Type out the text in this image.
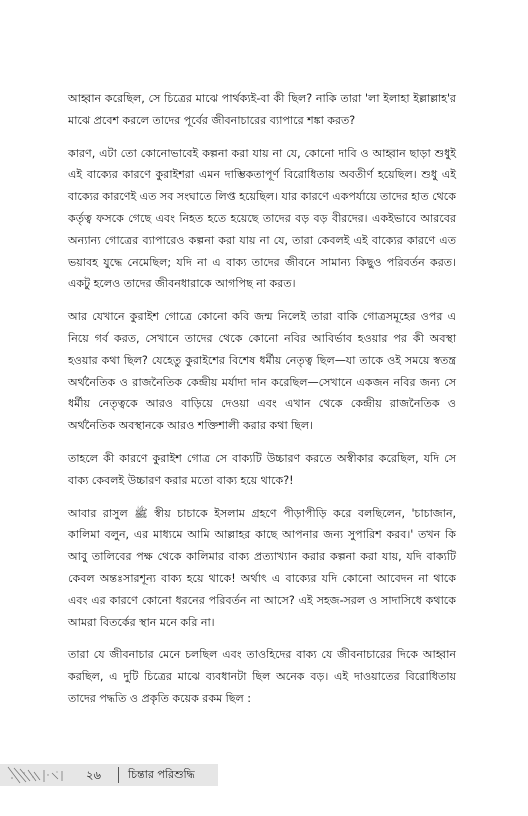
আহ্বান করেছিল, সে চিত্রের মাঝে পার্থক্যই-বা কী ছিল? নাকি তারা 'লা ইলাহা ইল্লাল্লাহ'র মাঝে প্রবেশ করলে তাদের পূর্বের জীবনাচারের ব্যাপারে শঙ্কা করত?

কারণ, এটা তো কোনোভাবেই কল্পনা করা যায় না যে, কোনো দাবি ও আহ্বান ছাড়া শুধুই এই বাক্যের কারণে কুরাইশরা এমন দাম্ভিকতাপূর্ণ বিরোধিতায় অবতীর্ণ হয়েছিল। শুধু এই বাক্যের কারণেই এত সব সংঘাতে লিপ্ত হয়েছিল। যার কারণে একপর্যায়ে তাদের হাত থেকে কর্তৃত্ব ফসকে গেছে এবং নিহত হতে হয়েছে তাদের বড় বড় বীরদের। একইভাবে আরবের অন্যান্য গোত্রের ব্যাপারেও কল্পনা করা যায় না যে, তারা কেবলই এই বাক্যের কারণে এত ভয়াবহ যুদ্ধে নেমেছিল; যদি না এ বাক্য তাদের জীবনে সামান্য কিছুও পরিবর্তন করত। একটু হলেও তাদের জীবনধারাকে আগপিছ না করত।

আর যেখানে কুরাইশ গোত্রে কোনো কবি জন্ম নিলেই তারা বাকি গোত্রসমূহের ওপর এ নিয়ে গর্ব করত, সেখানে তাদের থেকে কোনো নবির আবির্ভাব হওয়ার পর কী অবস্থা হওয়ার কথা ছিল? যেহেতু কুরাইশের বিশেষ ধর্মীয় নেতৃত্ব ছিল—যা তাকে ওই সময়ে স্বতন্ত্র অর্থনৈতিক ও রাজনৈতিক কেন্দ্রীয় মর্যাদা দান করেছিল—সেখানে একজন নবির জন্য সে ধর্মীয় নেতৃত্বকে আরও বাড়িয়ে দেওয়া এবং এখান থেকে কেন্দ্রীয় রাজনৈতিক ও অর্থনৈতিক অবস্থানকে আরও শক্তিশালী করার কথা ছিল।

তাহলে কী কারণে কুরাইশ গোত্র সে বাক্যটি উচ্চারণ করতে অস্বীকার করেছিল, যদি সে বাক্য কেবলই উচ্চারণ করার মতো বাক্য হয়ে থাকে?!

আবার রাসুল ﷺ স্বীয় চাচাকে ইসলাম গ্রহণে পীড়াপীড়ি করে বলছিলেন, 'চাচাজান, কালিমা বলুন, এর মাধ্যমে আমি আল্লাহর কাছে আপনার জন্য সুপারিশ করব।' তখন কি আবু তালিবের পক্ষ থেকে কালিমার বাক্য প্রত্যাখ্যান করার কল্পনা করা যায়, যদি বাক্যটি কেবল অন্তঃসারশূন্য বাক্য হয়ে থাকে! অর্থাৎ এ বাক্যের যদি কোনো আবেদন না থাকে এবং এর কারণে কোনো ধরনের পরিবর্তন না আসে? এই সহজ-সরল ও সাদাসিধে কথাকে আমরা বিতর্কের স্থান মনে করি না।

তারা যে জীবনাচার মেনে চলছিল এবং তাওহিদের বাক্য যে জীবনাচারের দিকে আহ্বান করছিল, এ দুটি চিত্রের মাঝে ব্যবধানটা ছিল অনেক বড়। এই দাওয়াতের বিরোধিতায় তাদের পদ্ধতি ও প্রকৃতি কয়েক রকম ছিল :

২৬ চিন্তার পরিশুদ্ধি
